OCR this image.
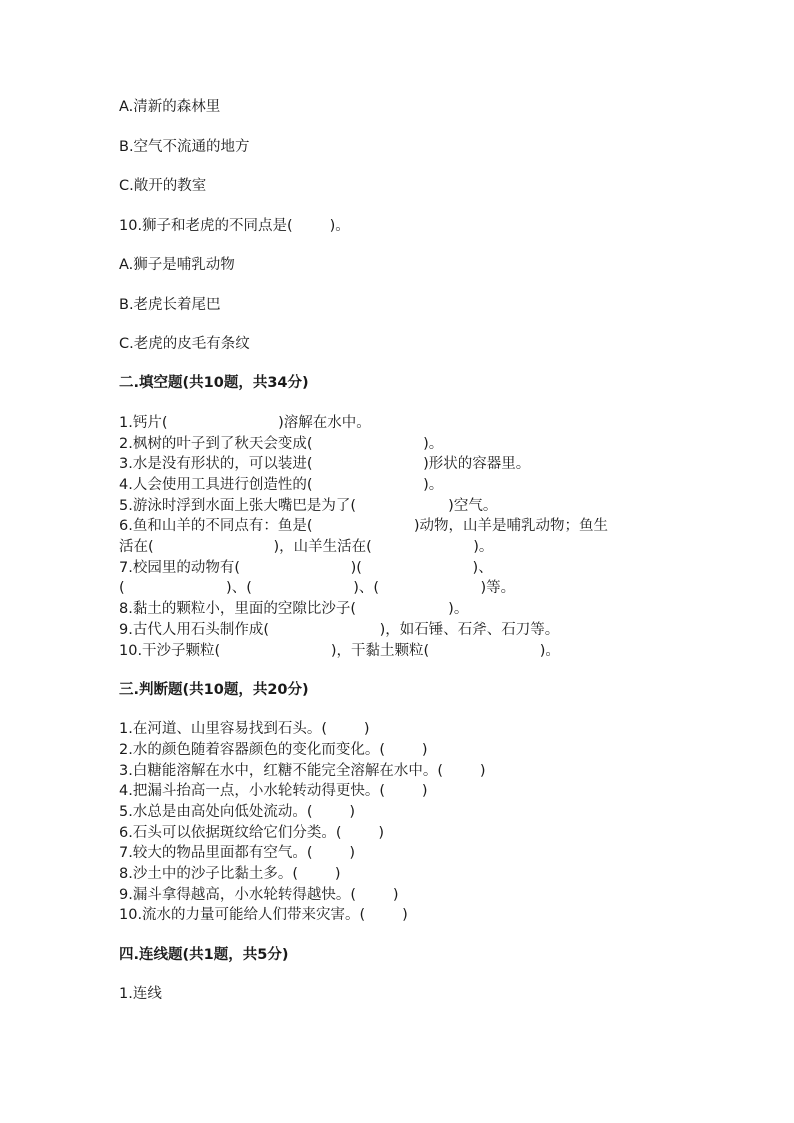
A.清新的森林里
B.空气不流通的地方
C.敞开的教室
10.狮子和老虎的不同点是(        )。
A.狮子是哺乳动物
B.老虎长着尾巴
C.老虎的皮毛有条纹
二.填空题(共10题，共34分)
1.钙片(                        )溶解在水中。
2.枫树的叶子到了秋天会变成(                        )。
3.水是没有形状的，可以装进(                        )形状的容器里。
4.人会使用工具进行创造性的(                        )。
5.游泳时浮到水面上张大嘴巴是为了(                    )空气。
6.鱼和山羊的不同点有：鱼是(                      )动物，山羊是哺乳动物；鱼生
活在(                          )，山羊生活在(                      )。
7.校园里的动物有(                        )(                        )、
(                      )、(                      )、(                      )等。
8.黏土的颗粒小，里面的空隙比沙子(                    )。
9.古代人用石头制作成(                        )，如石锤、石斧、石刀等。
10.干沙子颗粒(                        )，干黏土颗粒(                        )。
三.判断题(共10题，共20分)
1.在河道、山里容易找到石头。(        )
2.水的颜色随着容器颜色的变化而变化。(        )
3.白糖能溶解在水中，红糖不能完全溶解在水中。(        )
4.把漏斗抬高一点，小水轮转动得更快。(        )
5.水总是由高处向低处流动。(        )
6.石头可以依据斑纹给它们分类。(        )
7.较大的物品里面都有空气。(        )
8.沙土中的沙子比黏土多。(        )
9.漏斗拿得越高，小水轮转得越快。(        )
10.流水的力量可能给人们带来灾害。(        )
四.连线题(共1题，共5分)
1.连线
